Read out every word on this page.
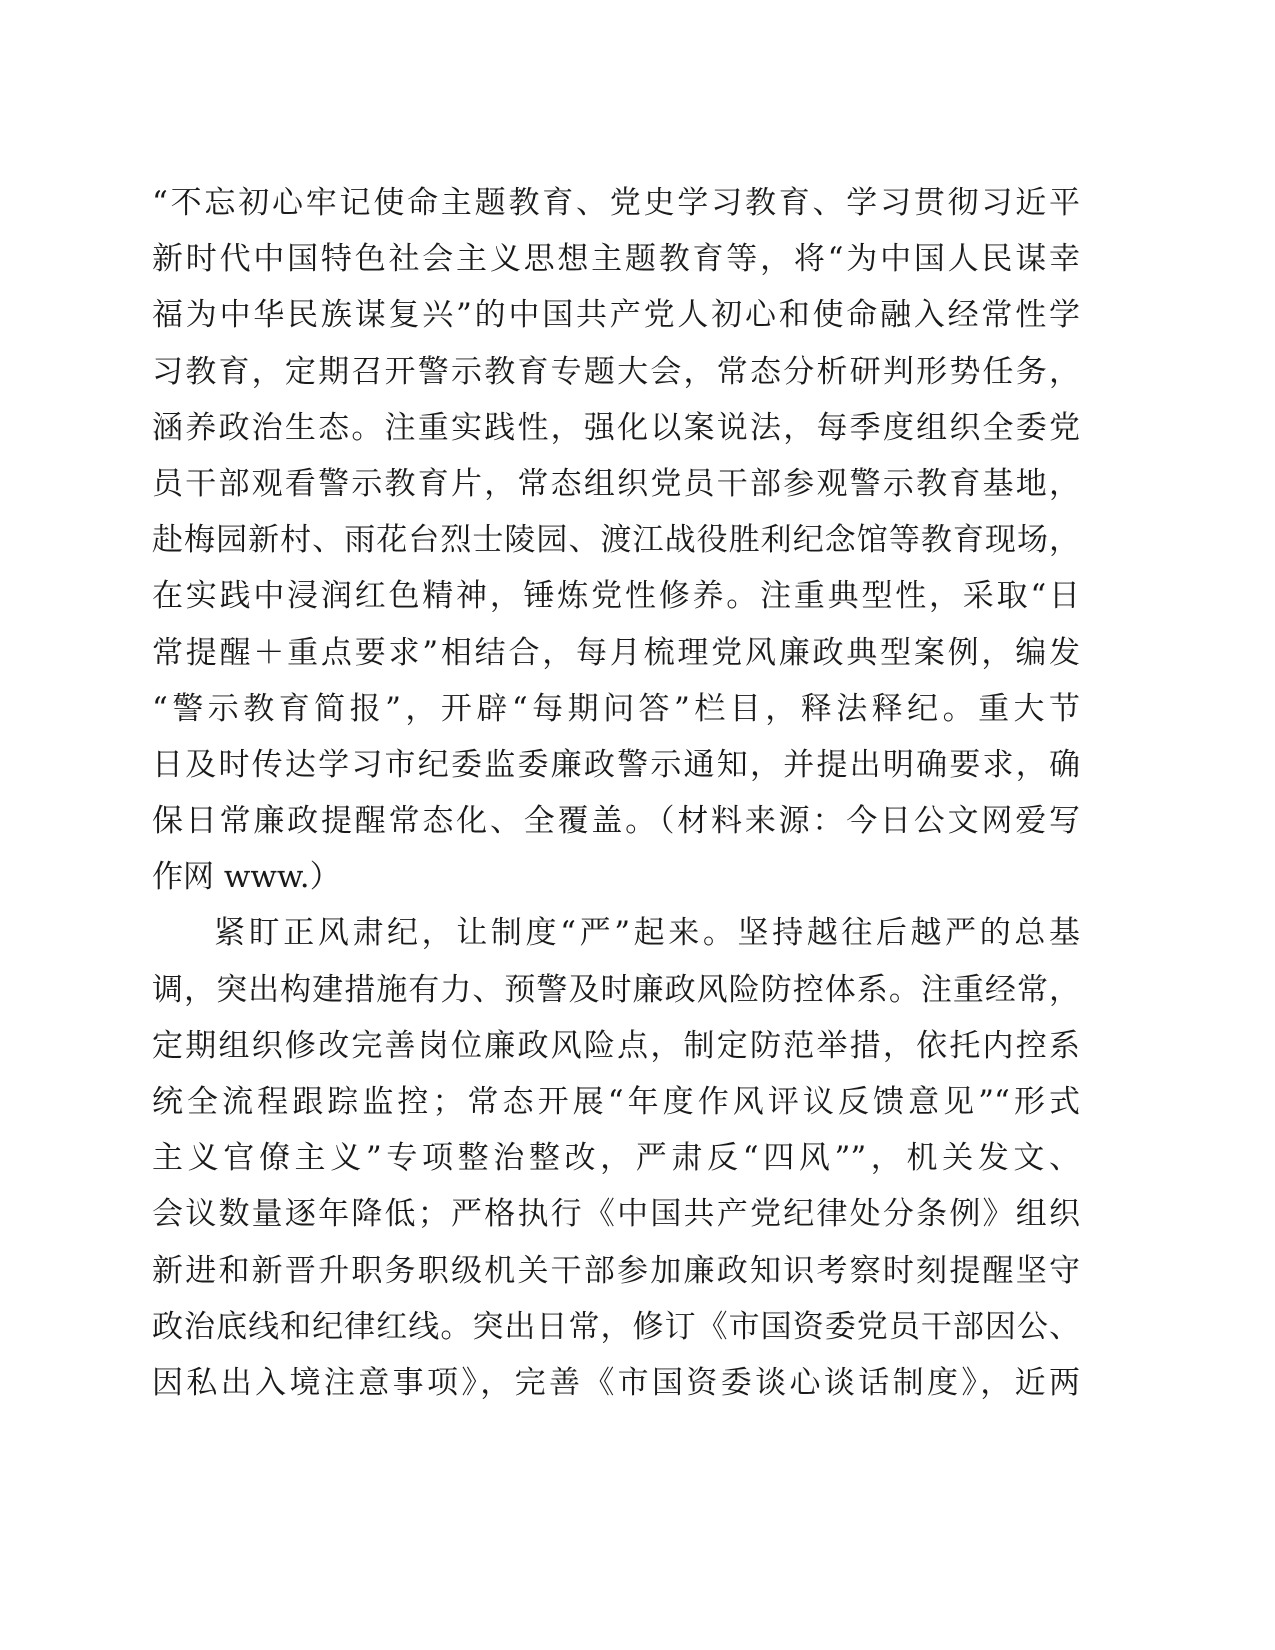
“不忘初心牢记使命主题教育、党史学习教育、学习贯彻习近平
新时代中国特色社会主义思想主题教育等，将“为中国人民谋幸
福为中华民族谋复兴”的中国共产党人初心和使命融入经常性学
习教育，定期召开警示教育专题大会，常态分析研判形势任务，
涵养政治生态。注重实践性，强化以案说法，每季度组织全委党
员干部观看警示教育片，常态组织党员干部参观警示教育基地，
赴梅园新村、雨花台烈士陵园、渡江战役胜利纪念馆等教育现场，
在实践中浸润红色精神，锤炼党性修养。注重典型性，采取“日
常提醒＋重点要求”相结合，每月梳理党风廉政典型案例，编发
“警示教育简报”，开辟“每期问答”栏目，释法释纪。重大节
日及时传达学习市纪委监委廉政警示通知，并提出明确要求，确
保日常廉政提醒常态化、全覆盖。（材料来源：今日公文网爱写
作网 www.）
紧盯正风肃纪，让制度“严”起来。坚持越往后越严的总基
调，突出构建措施有力、预警及时廉政风险防控体系。注重经常，
定期组织修改完善岗位廉政风险点，制定防范举措，依托内控系
统全流程跟踪监控；常态开展“年度作风评议反馈意见”“形式
主义官僚主义”专项整治整改，严肃反“四风””，机关发文、
会议数量逐年降低；严格执行《中国共产党纪律处分条例》组织
新进和新晋升职务职级机关干部参加廉政知识考察时刻提醒坚守
政治底线和纪律红线。突出日常，修订《市国资委党员干部因公、
因私出入境注意事项》，完善《市国资委谈心谈话制度》，近两
